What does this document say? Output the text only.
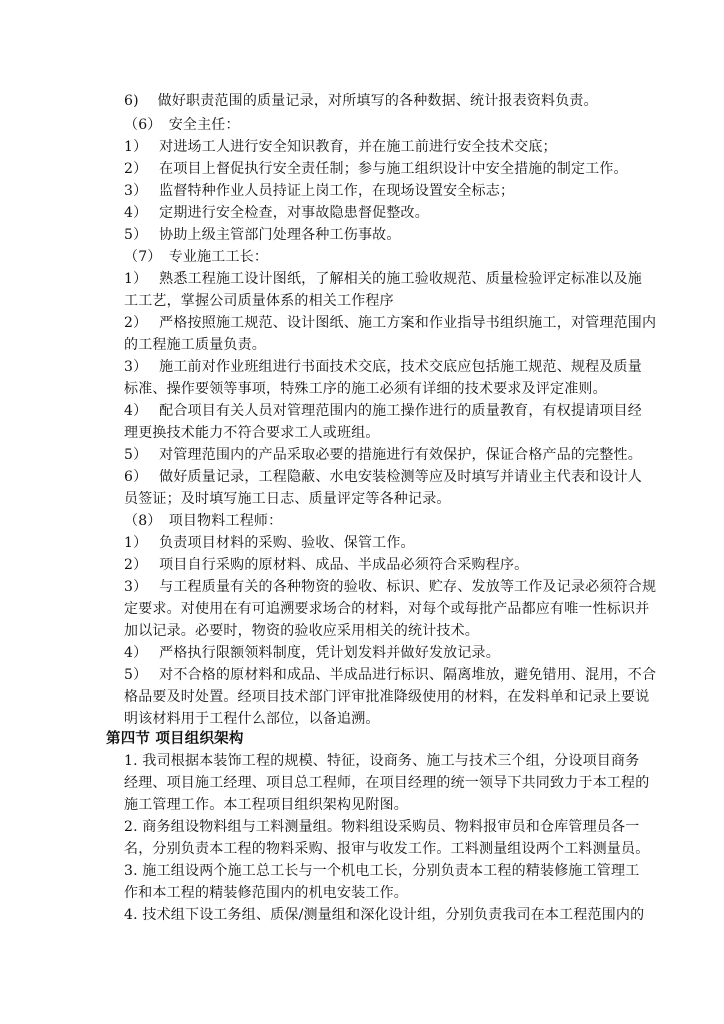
6)　 做好职责范围的质量记录，对所填写的各种数据、统计报表资料负责。
（6）　安全主任：
1）　 对进场工人进行安全知识教育，并在施工前进行安全技术交底；
2）　 在项目上督促执行安全责任制；参与施工组织设计中安全措施的制定工作。
3）　 监督特种作业人员持证上岗工作，在现场设置安全标志；
4）　 定期进行安全检查，对事故隐患督促整改。
5）　 协助上级主管部门处理各种工伤事故。
（7）　专业施工工长：
1）　 熟悉工程施工设计图纸，了解相关的施工验收规范、质量检验评定标准以及施
工工艺，掌握公司质量体系的相关工作程序
2）　 严格按照施工规范、设计图纸、施工方案和作业指导书组织施工，对管理范围内
的工程施工质量负责。
3）　 施工前对作业班组进行书面技术交底，技术交底应包括施工规范、规程及质量
标准、操作要领等事项，特殊工序的施工必须有详细的技术要求及评定准则。
4）　 配合项目有关人员对管理范围内的施工操作进行的质量教育，有权提请项目经
理更换技术能力不符合要求工人或班组。
5）　 对管理范围内的产品采取必要的措施进行有效保护，保证合格产品的完整性。
6）　 做好质量记录，工程隐蔽、水电安装检测等应及时填写并请业主代表和设计人
员签证；及时填写施工日志、质量评定等各种记录。
（8）　项目物料工程师：
1）　 负责项目材料的采购、验收、保管工作。
2）　 项目自行采购的原材料、成品、半成品必须符合采购程序。
3）　 与工程质量有关的各种物资的验收、标识、贮存、发放等工作及记录必须符合规
定要求。对使用在有可追溯要求场合的材料，对每个或每批产品都应有唯一性标识并
加以记录。必要时，物资的验收应采用相关的统计技术。
4）　 严格执行限额领料制度，凭计划发料并做好发放记录。
5）　 对不合格的原材料和成品、半成品进行标识、隔离堆放，避免错用、混用，不合
格品要及时处置。经项目技术部门评审批准降级使用的材料，在发料单和记录上要说
明该材料用于工程什么部位，以备追溯。
第四节 项目组织架构
1. 我司根据本装饰工程的规模、特征，设商务、施工与技术三个组，分设项目商务
经理、项目施工经理、项目总工程师，在项目经理的统一领导下共同致力于本工程的
施工管理工作。本工程项目组织架构见附图。
2. 商务组设物料组与工料测量组。物料组设采购员、物料报审员和仓库管理员各一
名，分别负责本工程的物料采购、报审与收发工作。工料测量组设两个工料测量员。
3. 施工组设两个施工总工长与一个机电工长，分别负责本工程的精装修施工管理工
作和本工程的精装修范围内的机电安装工作。
4. 技术组下设工务组、质保/测量组和深化设计组，分别负责我司在本工程范围内的
